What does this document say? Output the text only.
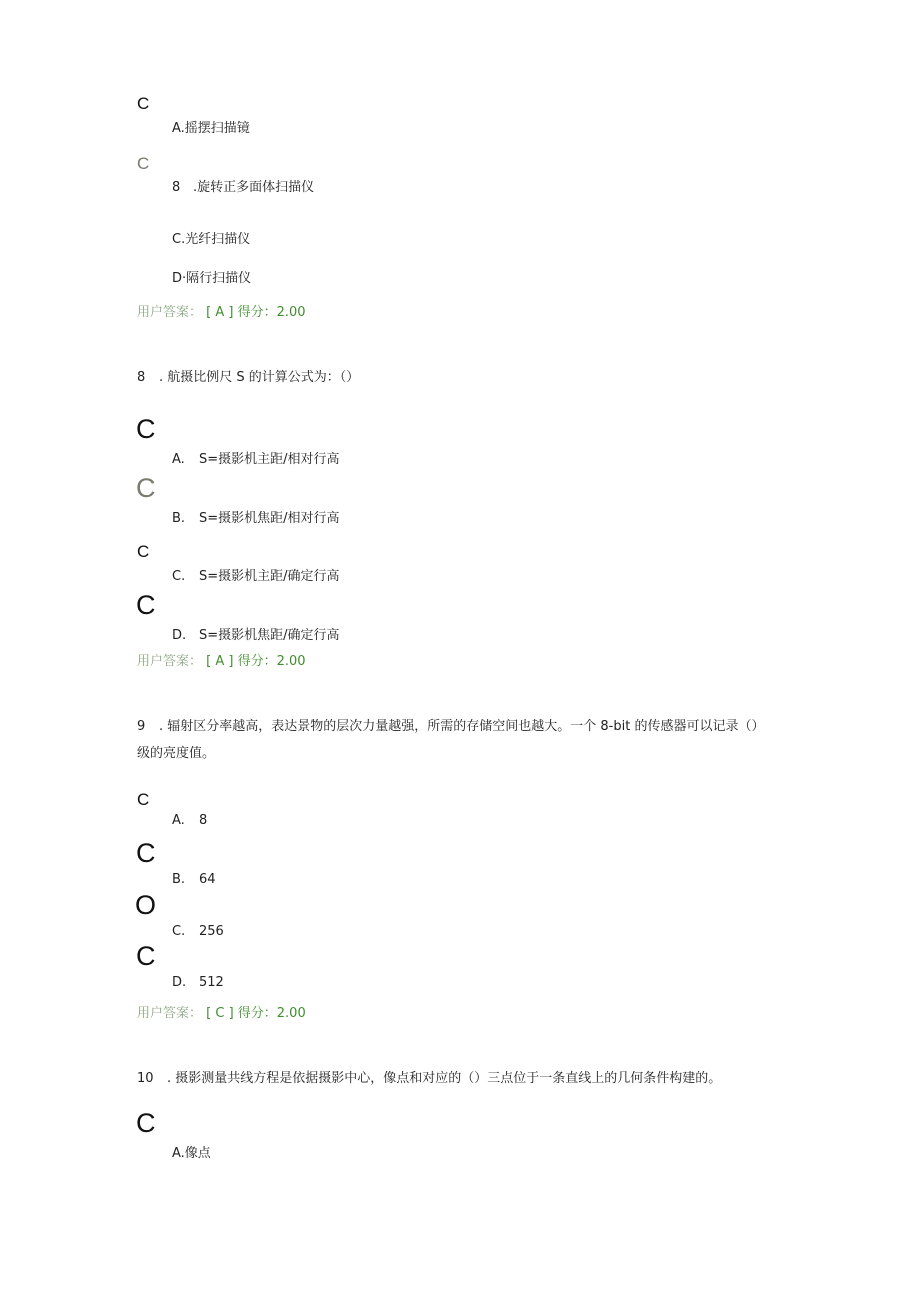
C
A.摇摆扫描镜
C
8 .旋转正多面体扫描仪
C.光纤扫描仪
D·隔行扫描仪
用户答案： [ A ] 得分：2.00
8 . 航摄比例尺 S 的计算公式为：（）
C
A. S=摄影机主距/相对行高
C
B. S=摄影机焦距/相对行高
C
C. S=摄影机主距/确定行高
C
D. S=摄影机焦距/确定行高
用户答案： [ A ] 得分：2.00
9 . 辐射区分率越高，表达景物的层次力量越强，所需的存储空间也越大。一个 8-bit 的传感器可以记录（）
级的亮度值。
C
A. 8
C
B. 64
O
C. 256
C
D. 512
用户答案： [ C ] 得分：2.00
10 . 摄影测量共线方程是依据摄影中心，像点和对应的（）三点位于一条直线上的几何条件构建的。
C
A.像点
